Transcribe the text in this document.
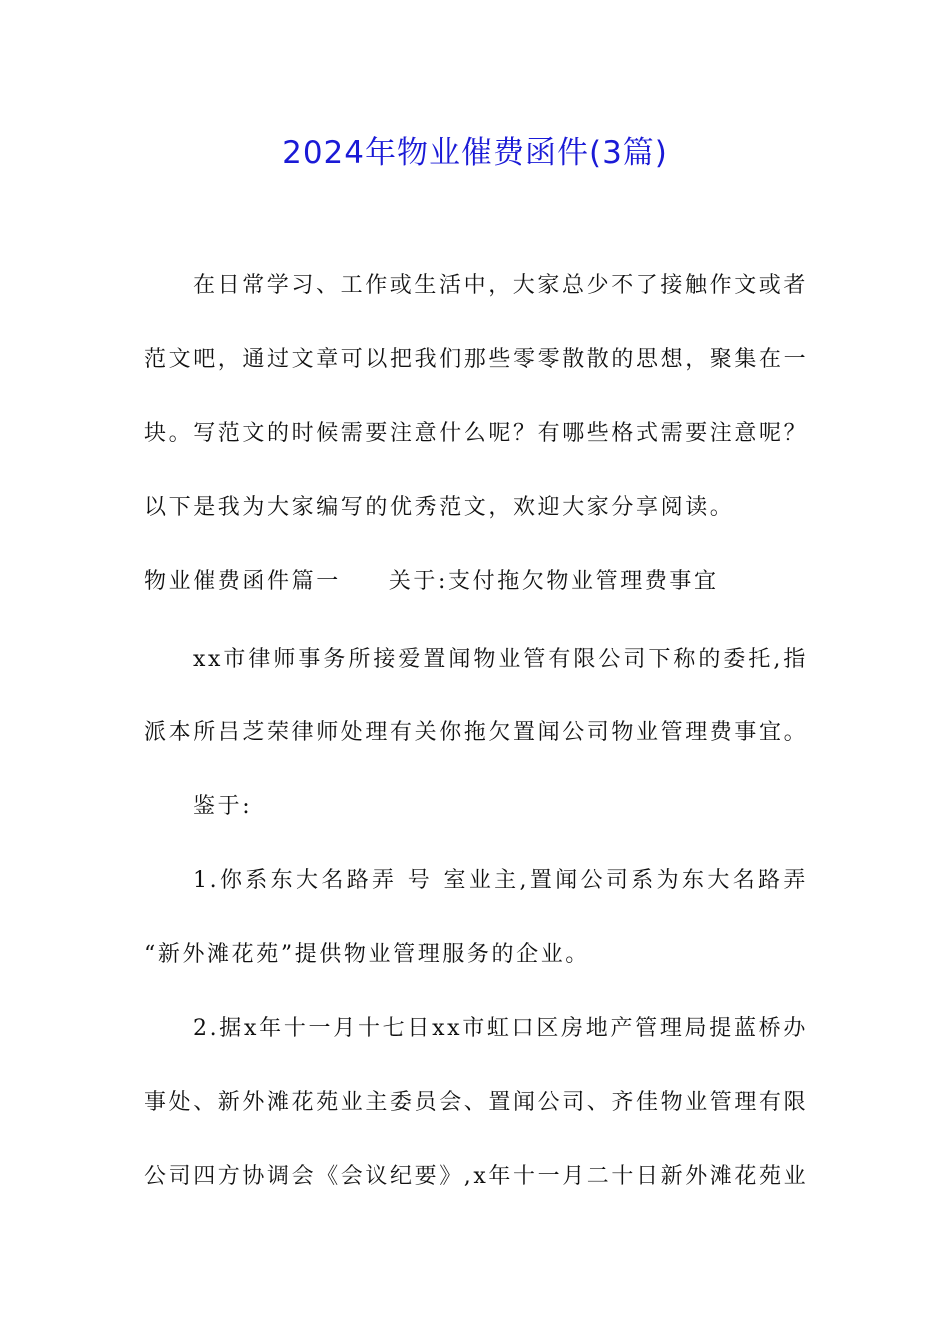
2024年物业催费函件(3篇)

在日常学习、工作或生活中，大家总少不了接触作文或者

范文吧，通过文章可以把我们那些零零散散的思想，聚集在一

块。写范文的时候需要注意什么呢？有哪些格式需要注意呢？

以下是我为大家编写的优秀范文，欢迎大家分享阅读。

物业催费函件篇一 关于:支付拖欠物业管理费事宜

xx市律师事务所接爱置闻物业管有限公司下称的委托,指

派本所吕芝荣律师处理有关你拖欠置闻公司物业管理费事宜。

鉴于:

1.你系东大名路弄 号 室业主,置闻公司系为东大名路弄

“新外滩花苑”提供物业管理服务的企业。

2.据x年十一月十七日xx市虹口区房地产管理局提蓝桥办

事处、新外滩花苑业主委员会、置闻公司、齐佳物业管理有限

公司四方协调会《会议纪要》,x年十一月二十日新外滩花苑业
